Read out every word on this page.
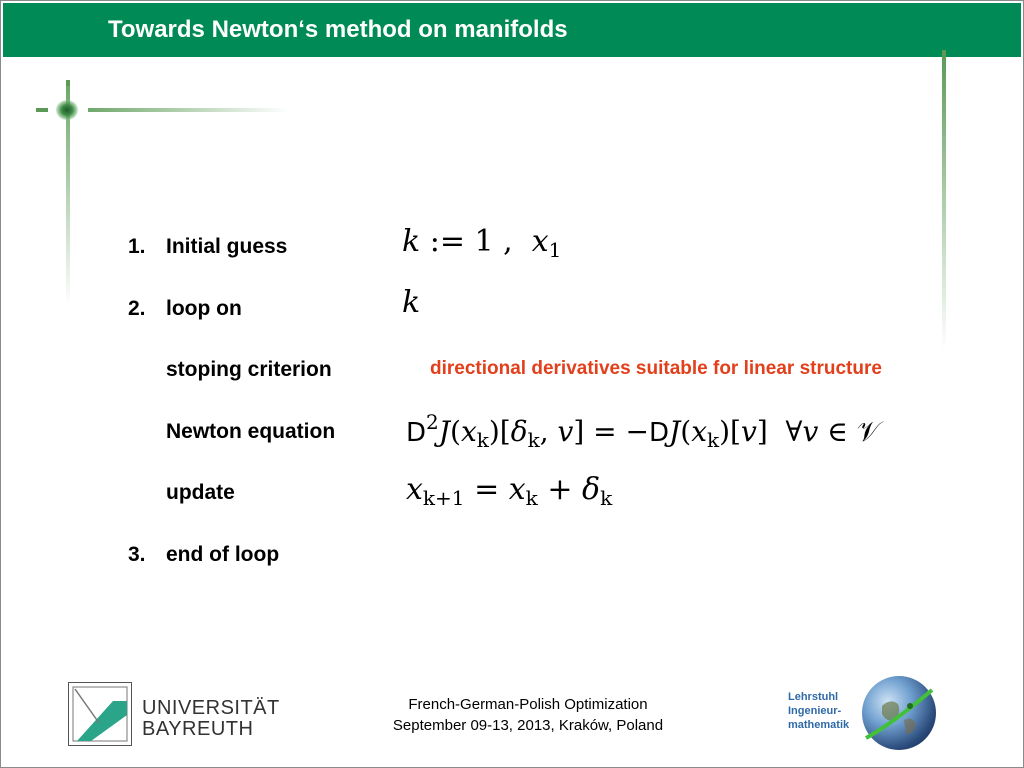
Towards Newton‘s method on manifolds
1. Initial guess
2. loop on
stoping criterion
Newton equation
update
3. end of loop
k := 1 ,  $x_1$
k
directional derivatives suitable for linear structure
$D^2J(x_k)[\delta_k$, $v] = -DJ(x_k)[v]$  ∀v ∈ 𝒱
$x_{k+1} = x_k + \delta_k$
UNIVERSITÄT
BAYREUTH
French-German-Polish Optimization
September 09-13, 2013, Kraków, Poland
Lehrstuhl
Ingenieur-
mathematik
